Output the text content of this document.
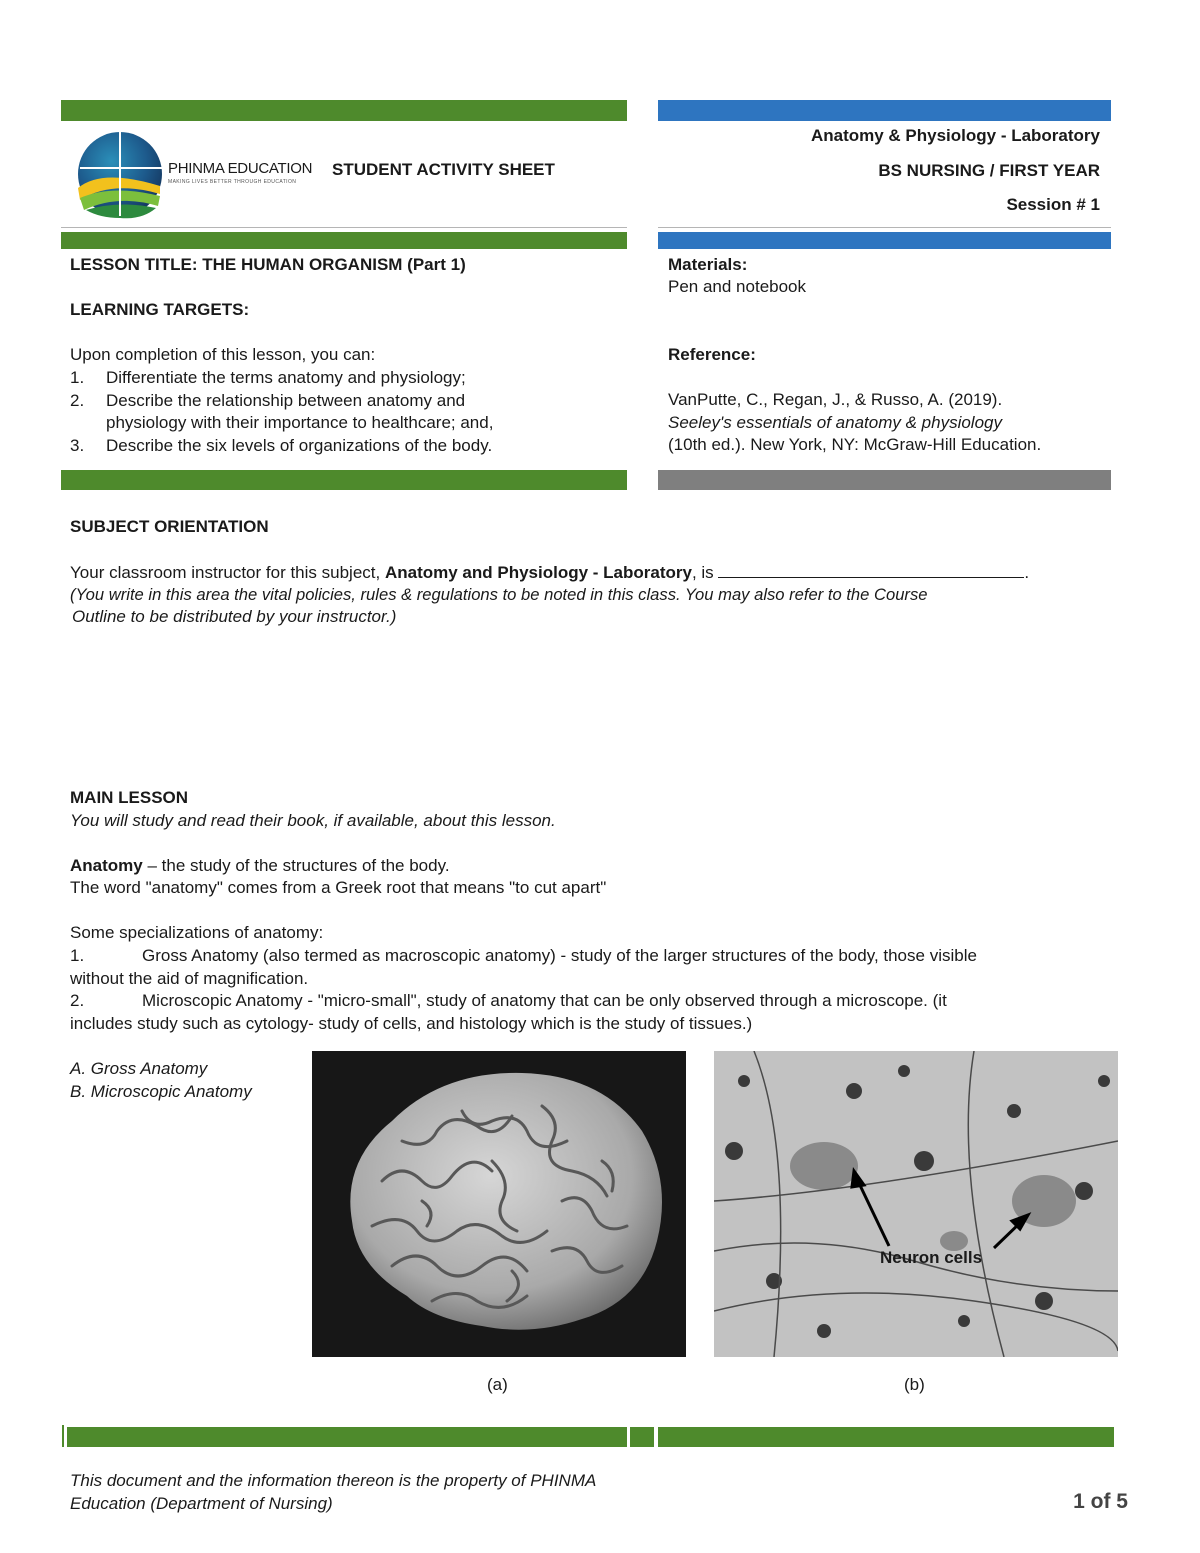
PHINMA EDUCATION
MAKING LIVES BETTER THROUGH EDUCATION
STUDENT ACTIVITY SHEET
Anatomy & Physiology - Laboratory
BS NURSING / FIRST YEAR
Session # 1
LESSON TITLE: THE HUMAN ORGANISM (Part 1)
LEARNING TARGETS:
Upon completion of this lesson, you can:
1. Differentiate the terms anatomy and physiology;
2. Describe the relationship between anatomy and
physiology with their importance to healthcare; and,
3. Describe the six levels of organizations of the body.
Materials:
Pen and notebook
Reference:
VanPutte, C., Regan, J., & Russo, A. (2019).
Seeley's essentials of anatomy & physiology
(10th ed.). New York, NY: McGraw-Hill Education.
SUBJECT ORIENTATION
Your classroom instructor for this subject, Anatomy and Physiology - Laboratory, is	.
(You write in this area the vital policies, rules & regulations to be noted in this class. You may also refer to the Course
Outline to be distributed by your instructor.)
MAIN LESSON
You will study and read their book, if available, about this lesson.
Anatomy – the study of the structures of the body.
The word "anatomy" comes from a Greek root that means "to cut apart"
Some specializations of anatomy:
1.	Gross Anatomy (also termed as macroscopic anatomy) - study of the larger structures of the body, those visible
without the aid of magnification.
2.	Microscopic Anatomy - "micro-small", study of anatomy that can be only observed through a microscope. (it
includes study such as cytology- study of cells, and histology which is the study of tissues.)
A. Gross Anatomy
B. Microscopic Anatomy
(a)
Neuron cells
(b)
This document and the information thereon is the property of PHINMA
Education (Department of Nursing)	1 of 5
